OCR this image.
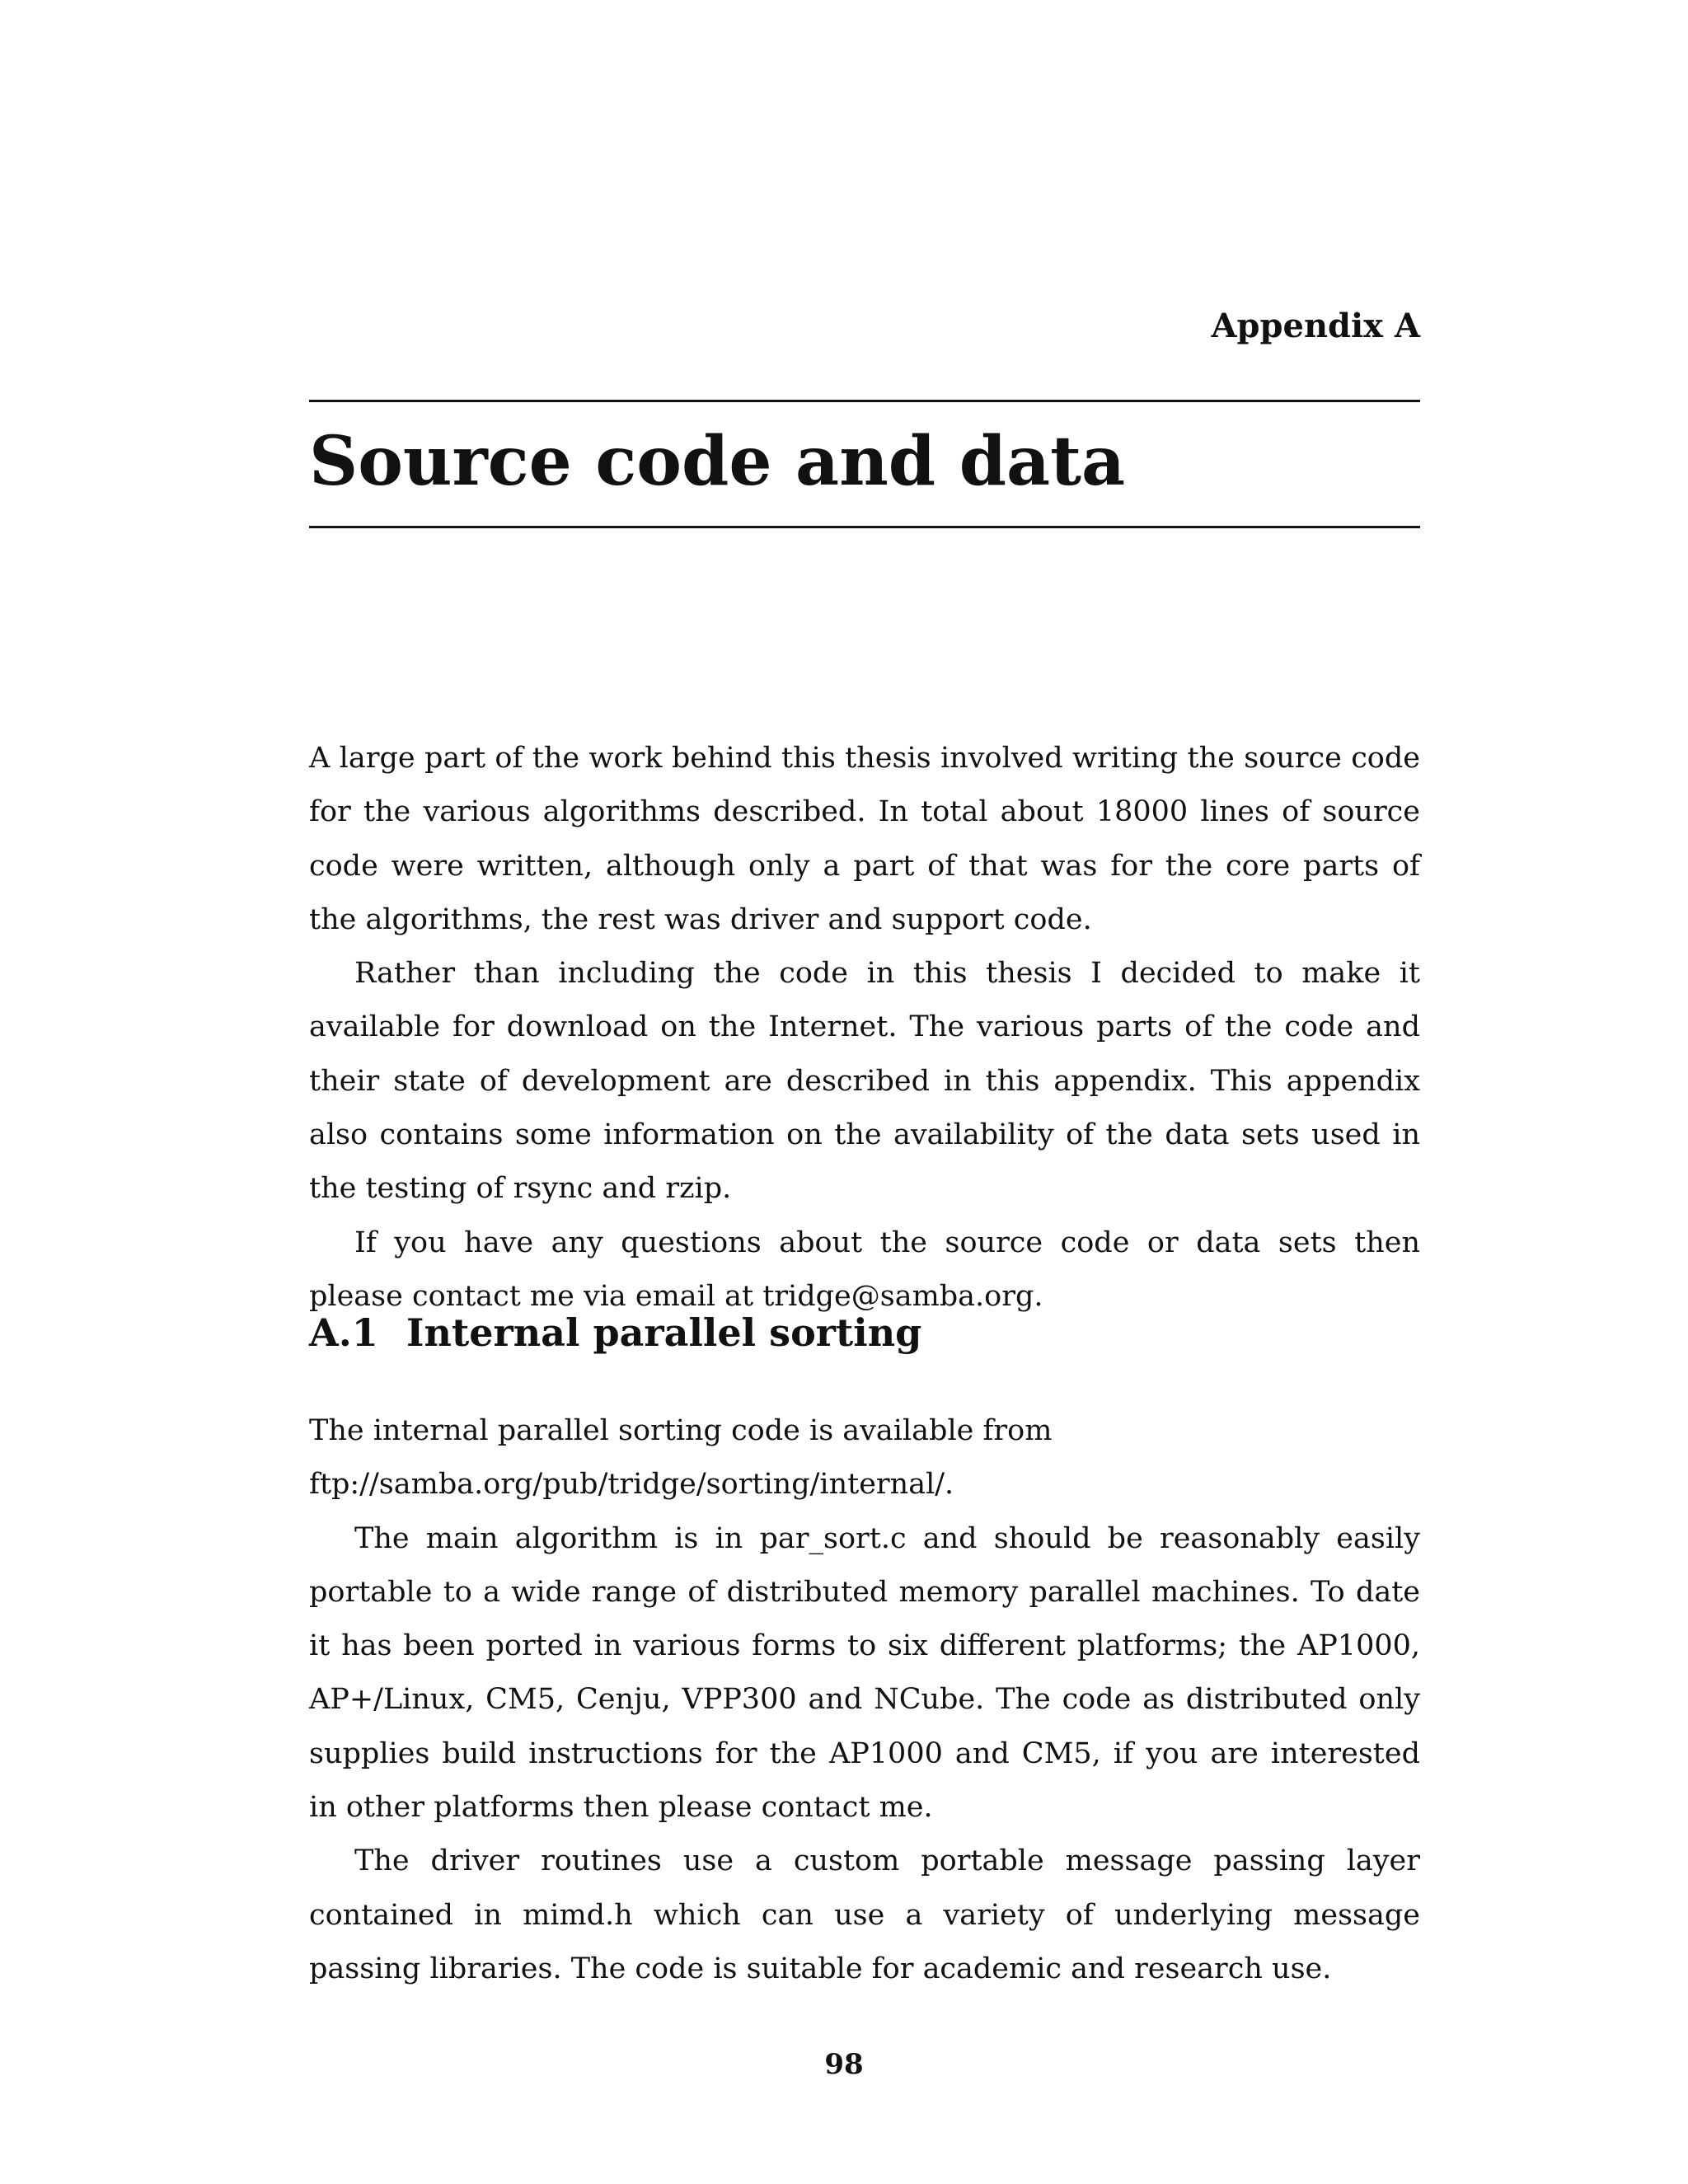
Appendix A
Source code and data

A large part of the work behind this thesis involved writing the source code for the various algorithms described. In total about 18000 lines of source code were written, although only a part of that was for the core parts of the algorithms, the rest was driver and support code.

Rather than including the code in this thesis I decided to make it available for download on the Internet. The various parts of the code and their state of development are described in this appendix. This appendix also contains some information on the availability of the data sets used in the testing of rsync and rzip.

If you have any questions about the source code or data sets then please contact me via email at tridge@samba.org.

A.1 Internal parallel sorting

The internal parallel sorting code is available from

ftp://samba.org/pub/tridge/sorting/internal/.

The main algorithm is in par_sort.c and should be reasonably easily portable to a wide range of distributed memory parallel machines. To date it has been ported in various forms to six different platforms; the AP1000, AP+/Linux, CM5, Cenju, VPP300 and NCube. The code as distributed only supplies build instructions for the AP1000 and CM5, if you are interested in other platforms then please contact me.

The driver routines use a custom portable message passing layer contained in mimd.h which can use a variety of underlying message passing libraries. The code is suitable for academic and research use.

98
